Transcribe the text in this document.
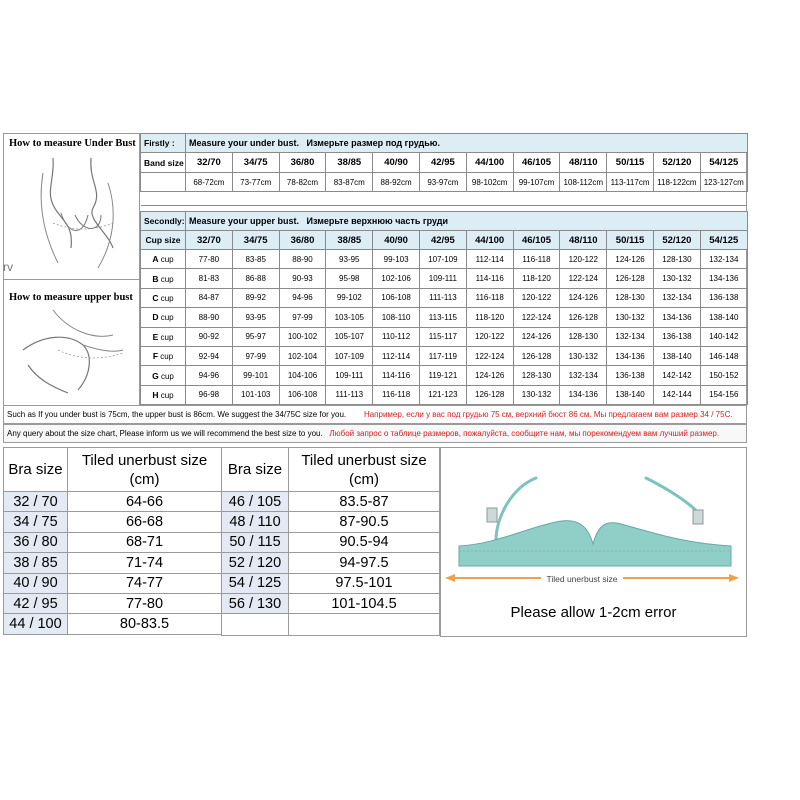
How to measure Under Bust
rv
How to measure upper bust
Firstly :	Measure your under bust. Измерьте размер под грудью.											
Band size	32/70	34/75	36/80	38/85	40/90	42/95	44/100	46/105	48/110	50/115	52/120	54/125
	68-72cm	73-77cm	78-82cm	83-87cm	88-92cm	93-97cm	98-102cm	99-107cm	108-112cm	113-117cm	118-122cm	123-127cm

Secondly:	Measure your upper bust. Измерьте верхнюю часть груди											
Cup size	32/70	34/75	36/80	38/85	40/90	42/95	44/100	46/105	48/110	50/115	52/120	54/125
A cup	77-80	83-85	88-90	93-95	99-103	107-109	112-114	116-118	120-122	124-126	128-130	132-134
B cup	81-83	86-88	90-93	95-98	102-106	109-111	114-116	118-120	122-124	126-128	130-132	134-136
C cup	84-87	89-92	94-96	99-102	106-108	111-113	116-118	120-122	124-126	128-130	132-134	136-138
D cup	88-90	93-95	97-99	103-105	108-110	113-115	118-120	122-124	126-128	130-132	134-136	138-140
E cup	90-92	95-97	100-102	105-107	110-112	115-117	120-122	124-126	128-130	132-134	136-138	140-142
F cup	92-94	97-99	102-104	107-109	112-114	117-119	122-124	126-128	130-132	134-136	138-140	146-148
G cup	94-96	99-101	104-106	109-111	114-116	119-121	124-126	128-130	132-134	136-138	142-142	150-152
H cup	96-98	101-103	106-108	111-113	116-118	121-123	126-128	130-132	134-136	138-140	142-144	154-156
Such as If you under bust is 75cm, the upper bust is 86cm. We suggest the 34/75C size for you. Например, если у вас под грудью 75 см, верхний бюст 86 см. Мы предлагаем вам размер 34 / 75C.
Any query about the size chart, Please inform us we will recommend the best size to you. Любой запрос о таблице размеров, пожалуйста, сообщите нам, мы порекомендуем вам лучший размер.
Bra size	Tiled unerbust size
(cm)

32 / 70	64-66
34 / 75	66-68
36 / 80	68-71
38 / 85	71-74
40 / 90	74-77
42 / 95	77-80
44 / 100	80-83.5
Bra size	Tiled unerbust size
(cm)

46 / 105	83.5-87
48 / 110	87-90.5
50 / 115	90.5-94
52 / 120	94-97.5
54 / 125	97.5-101
56 / 130	101-104.5

Tiled unerbust size
Please allow 1-2cm error
